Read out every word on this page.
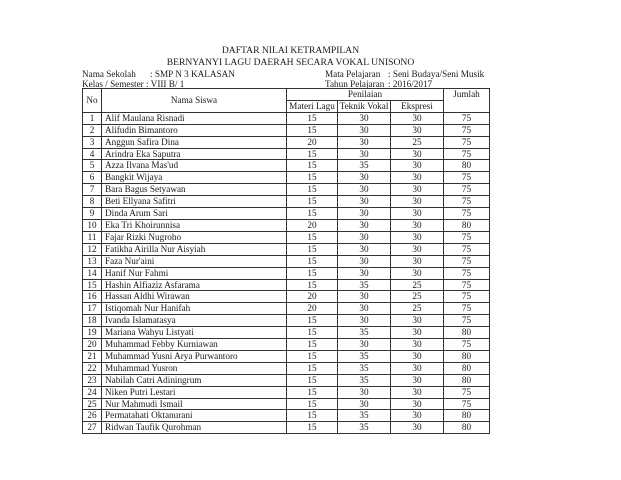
DAFTAR NILAI KETRAMPILAN
BERNYANYI LAGU DAERAH SECARA VOKAL UNISONO
Nama Sekolah : SMP N 3 KALASAN
Kelas / Semester : VIII B/ 1
Mata Pelajaran : Seni Budaya/Seni Musik
Tahun Pelajaran : 2016/2017
No	Nama Siswa	Penilaian			Jumlah
		Materi Lagu	Teknik Vokal	Ekspresi	
1	Alif Maulana Risnadi	15	30	30	75
2	Alifudin Bimantoro	15	30	30	75
3	Anggun Safira Dina	20	30	25	75
4	Arindra Eka Saputra	15	30	30	75
5	Azza Ilvana Mas'ud	15	35	30	80
6	Bangkit Wijaya	15	30	30	75
7	Bara Bagus Setyawan	15	30	30	75
8	Beti Ellyana Safitri	15	30	30	75
9	Dinda Arum Sari	15	30	30	75
10	Eka Tri Khoirunnisa	20	30	30	80
11	Fajar Rizki Nugroho	15	30	30	75
12	Fatikha Airilla Nur Aisyiah	15	30	30	75
13	Faza Nur'aini	15	30	30	75
14	Hanif Nur Fahmi	15	30	30	75
15	Hashin Alfiaziz Asfarama	15	35	25	75
16	Hassan Aldhi Wirawan	20	30	25	75
17	Istiqomah Nur Hanifah	20	30	25	75
18	Ivanda Islamatasya	15	30	30	75
19	Mariana Wahyu Listyati	15	35	30	80
20	Muhammad Febby Kurniawan	15	30	30	75
21	Muhammad Yusni Arya Purwantoro	15	35	30	80
22	Muhammad Yusron	15	35	30	80
23	Nabilah Catri Adiningrum	15	35	30	80
24	Niken Putri Lestari	15	30	30	75
25	Nur Mahmudi Ismail	15	30	30	75
26	Permatahati Oktanurani	15	35	30	80
27	Ridwan Taufik Qurohman	15	35	30	80
